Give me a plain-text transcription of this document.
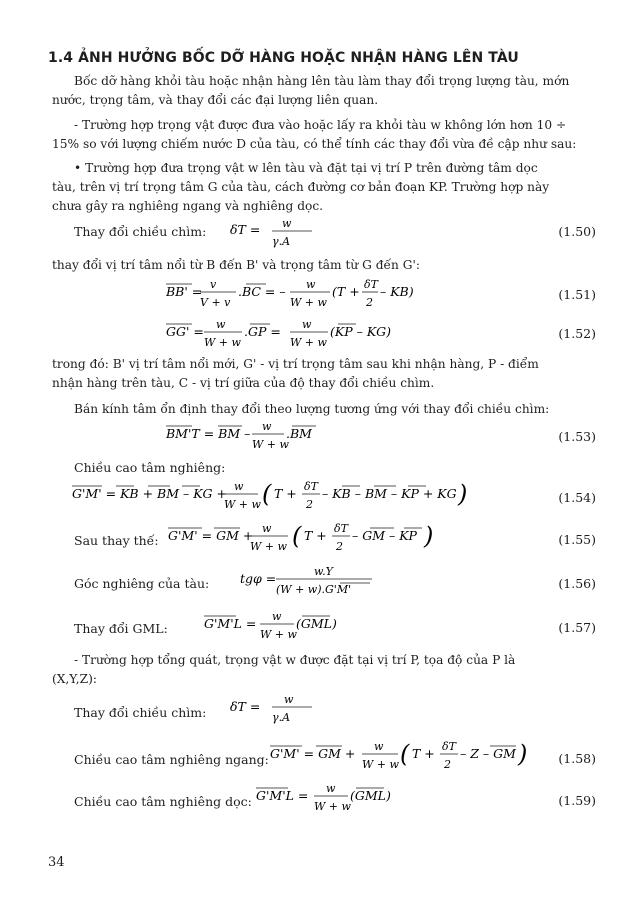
1.4 ẢNH HƯỞNG BỐC DỠ HÀNG HOẶC NHẬN HÀNG LÊN TÀU
Bốc dỡ hàng khỏi tàu hoặc nhận hàng lên tàu làm thay đổi trọng lượng tàu, mớn
nước, trọng tâm, và thay đổi các đại lượng liên quan.
- Trường hợp trọng vật được đưa vào hoặc lấy ra khỏi tàu w không lớn hơn 10 ÷
15% so với lượng chiếm nước D của tàu, có thể tính các thay đổi vừa đề cập như sau:
• Trường hợp đưa trọng vật w lên tàu và đặt tại vị trí P trên đường tâm dọc
tàu, trên vị trí trọng tâm G của tàu, cách đường cơ bản đoạn KP. Trường hợp này
chưa gây ra nghiêng ngang và nghiêng dọc.
Thay đổi chiều chìm: δT = w
γ.A
(1.50)
thay đổi vị trí tâm nổi từ B đến B' và trọng tâm từ G đến G':
BB' = v
V + v
.BC = – w
W + w
(T + δT
2
– KB)	(1.51)
GG' = w
W + w
.GP = w
W + w
(KP – KG)	(1.52)
trong đó: B' vị trí tâm nổi mới, G' - vị trí trọng tâm sau khi nhận hàng, P - điểm
nhận hàng trên tàu, C - vị trí giữa của độ thay đổi chiều chìm.
Bán kính tâm ổn định thay đổi theo lượng tương ứng với thay đổi chiều chìm:
BM'T = BM – w
W + w
.BM	(1.53)
Chiều cao tâm nghiêng:
G'M' = KB + BM – KG + w
W + w ( T + δT
2
– KB – BM – KP + KG )	(1.54)
Sau thay thế: G'M' = GM + w
W + w ( T + δT
2
– GM – KP )	(1.55)
Góc nghiêng của tàu: tgφ =	w.Y
(W + w).G'M'	(1.56)
Thay đổi GML:	G'M'L = w
W + w
(GML)	(1.57)
- Trường hợp tổng quát, trọng vật w được đặt tại vị trí P, tọa độ của P là
(X,Y,Z):
Thay đổi chiều chìm: δT = w
γ.A
Chiều cao tâm nghiêng ngang: G'M' = GM + w
W + w ( T + δT
2
– Z – GM ) (1.58)
Chiều cao tâm nghiêng dọc: G'M'L = w
W + w
(GML)	(1.59)
34
